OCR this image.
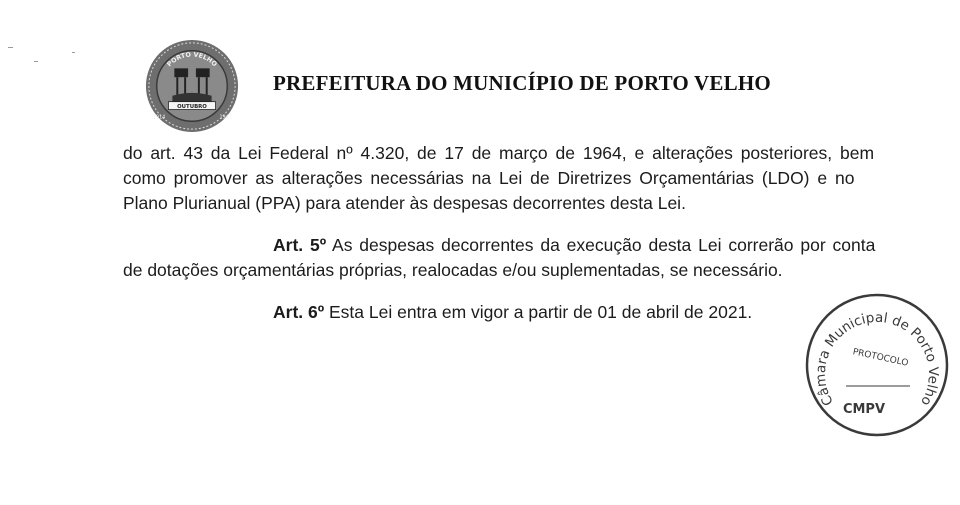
PORTO VELHO
OUTUBRO
1914	1943
PREFEITURA DO MUNICÍPIO DE PORTO VELHO
do art. 43 da Lei Federal nº 4.320, de 17 de março de 1964, e alterações posteriores, bem
como promover as alterações necessárias na Lei de Diretrizes Orçamentárias (LDO) e no
Plano Plurianual (PPA) para atender às despesas decorrentes desta Lei.
Art. 5º As despesas decorrentes da execução desta Lei correrão por conta
de dotações orçamentárias próprias, realocadas e/ou suplementadas, se necessário.
Art. 6º Esta Lei entra em vigor a partir de 01 de abril de 2021.
Câmara Municipal de Porto Velho
PROTOCOLO
CMPV
